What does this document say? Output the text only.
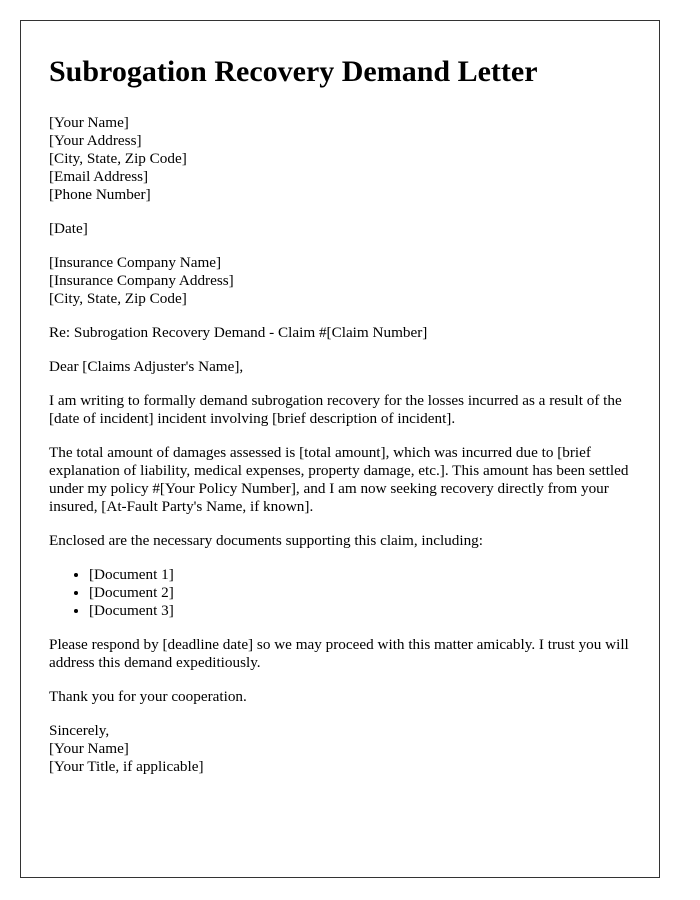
Subrogation Recovery Demand Letter
[Your Name]
[Your Address]
[City, State, Zip Code]
[Email Address]
[Phone Number]

[Date]

[Insurance Company Name]
[Insurance Company Address]
[City, State, Zip Code]

Re: Subrogation Recovery Demand - Claim #[Claim Number]

Dear [Claims Adjuster's Name],

I am writing to formally demand subrogation recovery for the losses incurred as a result of the [date of incident] incident involving [brief description of incident].

The total amount of damages assessed is [total amount], which was incurred due to [brief explanation of liability, medical expenses, property damage, etc.]. This amount has been settled under my policy #[Your Policy Number], and I am now seeking recovery directly from your insured, [At-Fault Party's Name, if known].

Enclosed are the necessary documents supporting this claim, including:

• [Document 1]
• [Document 2]
• [Document 3]

Please respond by [deadline date] so we may proceed with this matter amicably. I trust you will address this demand expeditiously.

Thank you for your cooperation.

Sincerely,
[Your Name]
[Your Title, if applicable]
